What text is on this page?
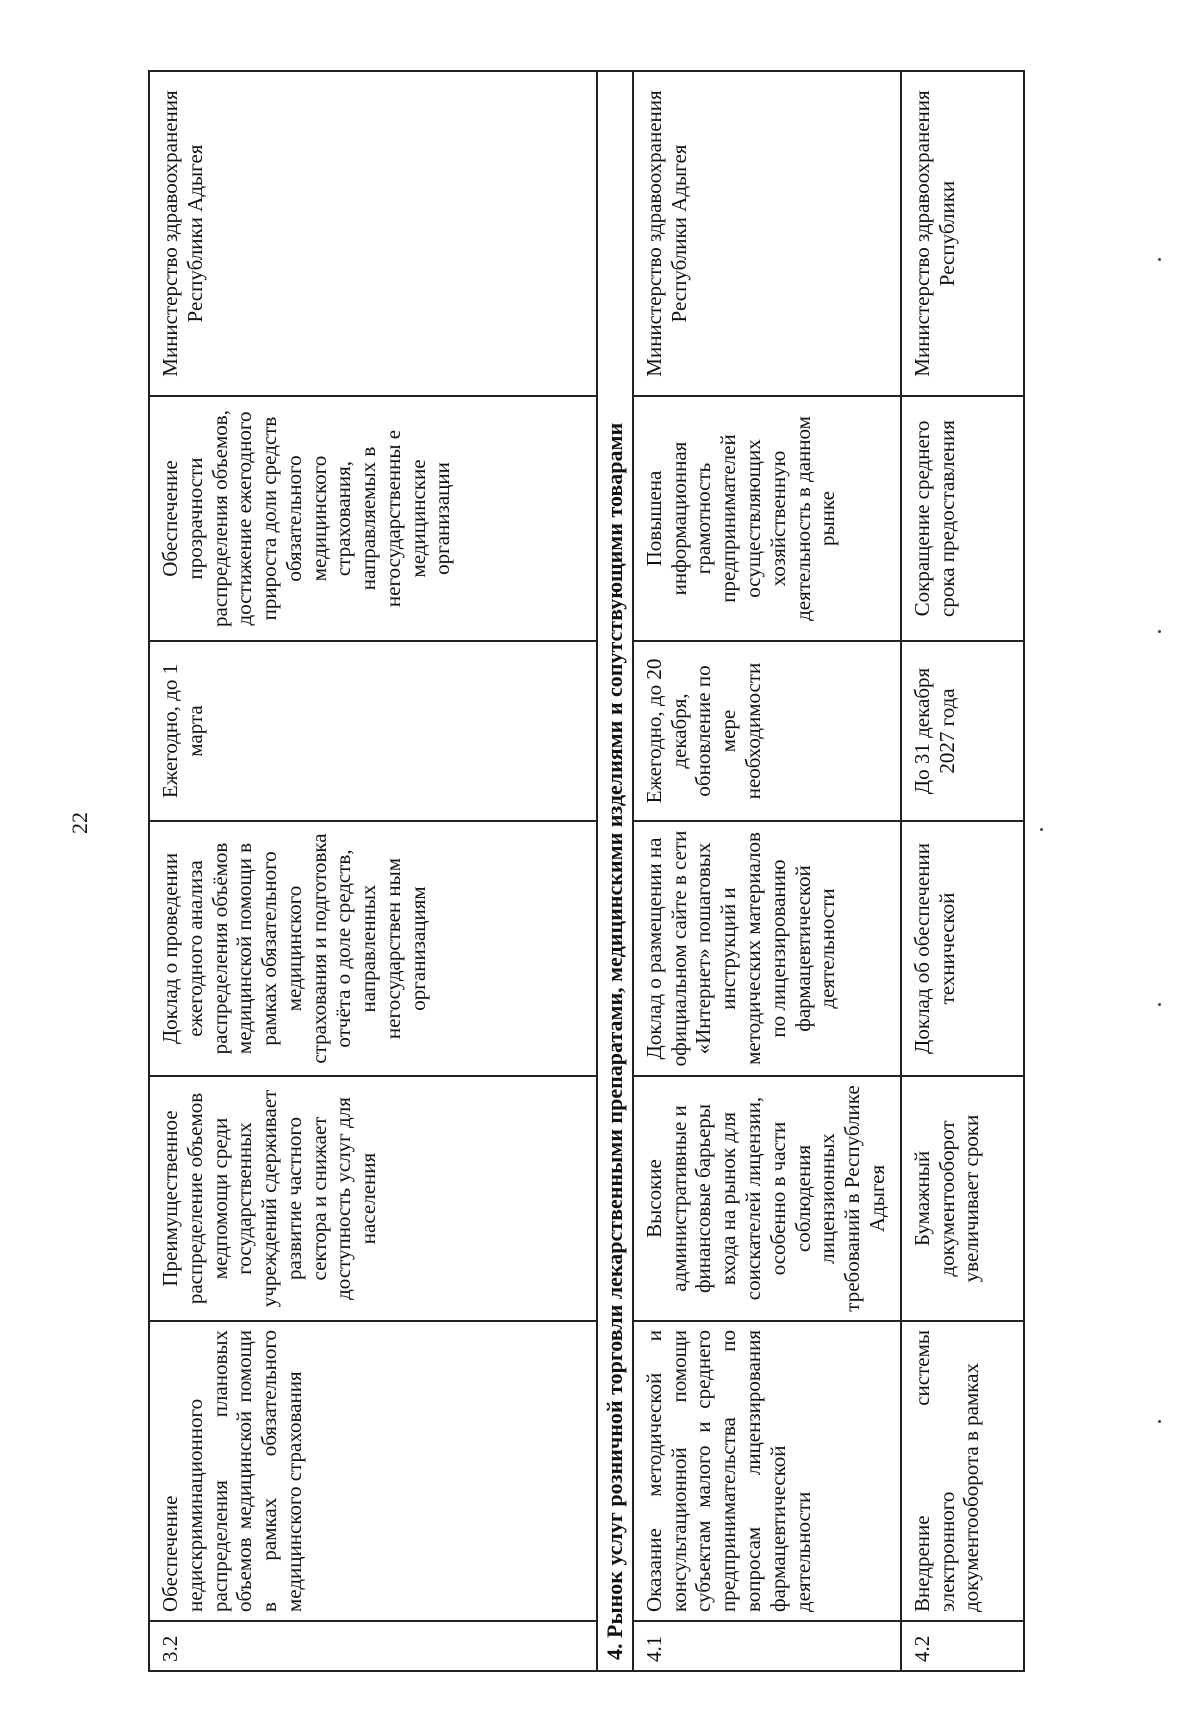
22
3.2	Обеспечение недискриминационного распределения плановых объемов медицинской помощи в рамках обязательного медицинского страхования	Преимущественное распределение объемов медпомощи среди государственных учреждений сдерживает развитие частного сектора и снижает доступность услуг для населения	Доклад о проведении ежегодного анализа распределения объёмов медицинской помощи в рамках обязательного медицинского страхования и подготовка отчёта о доле средств, направленных негосударствен ным организациям	Ежегодно, до 1 марта	Обеспечение прозрачности распределения объемов, достижение ежегодного прироста доли средств обязательного медицинского страхования, направляемых в негосударственны е медицинские организации	Министерство здравоохранения Республики Адыгея
4. Рынок услуг розничной торговли лекарственными препаратами, медицинскими изделиями и сопутствующими товарами						
4.1	Оказание методической и консультационной помощи субъектам малого и среднего предпринимательства по вопросам лицензирования фармацевтической деятельности	Высокие административные и финансовые барьеры входа на рынок для соискателей лицензии, особенно в части соблюдения лицензионных требований в Республике Адыгея	Доклад о размещении на официальном сайте в сети «Интернет» пошаговых инструкций и методических материалов по лицензированию фармацевтической деятельности	Ежегодно, до 20 декабря, обновление по мере необходимости	Повышена информационная грамотность предпринимателей осуществляющих хозяйственную деятельность в данном рынке	Министерство здравоохранения Республики Адыгея
4.2	Внедрение системы электронного документооборота в рамках	Бумажный документооборот увеличивает сроки	Доклад об обеспечении технической	До 31 декабря 2027 года	Сокращение среднего срока предоставления	Министерство здравоохранения Республики
